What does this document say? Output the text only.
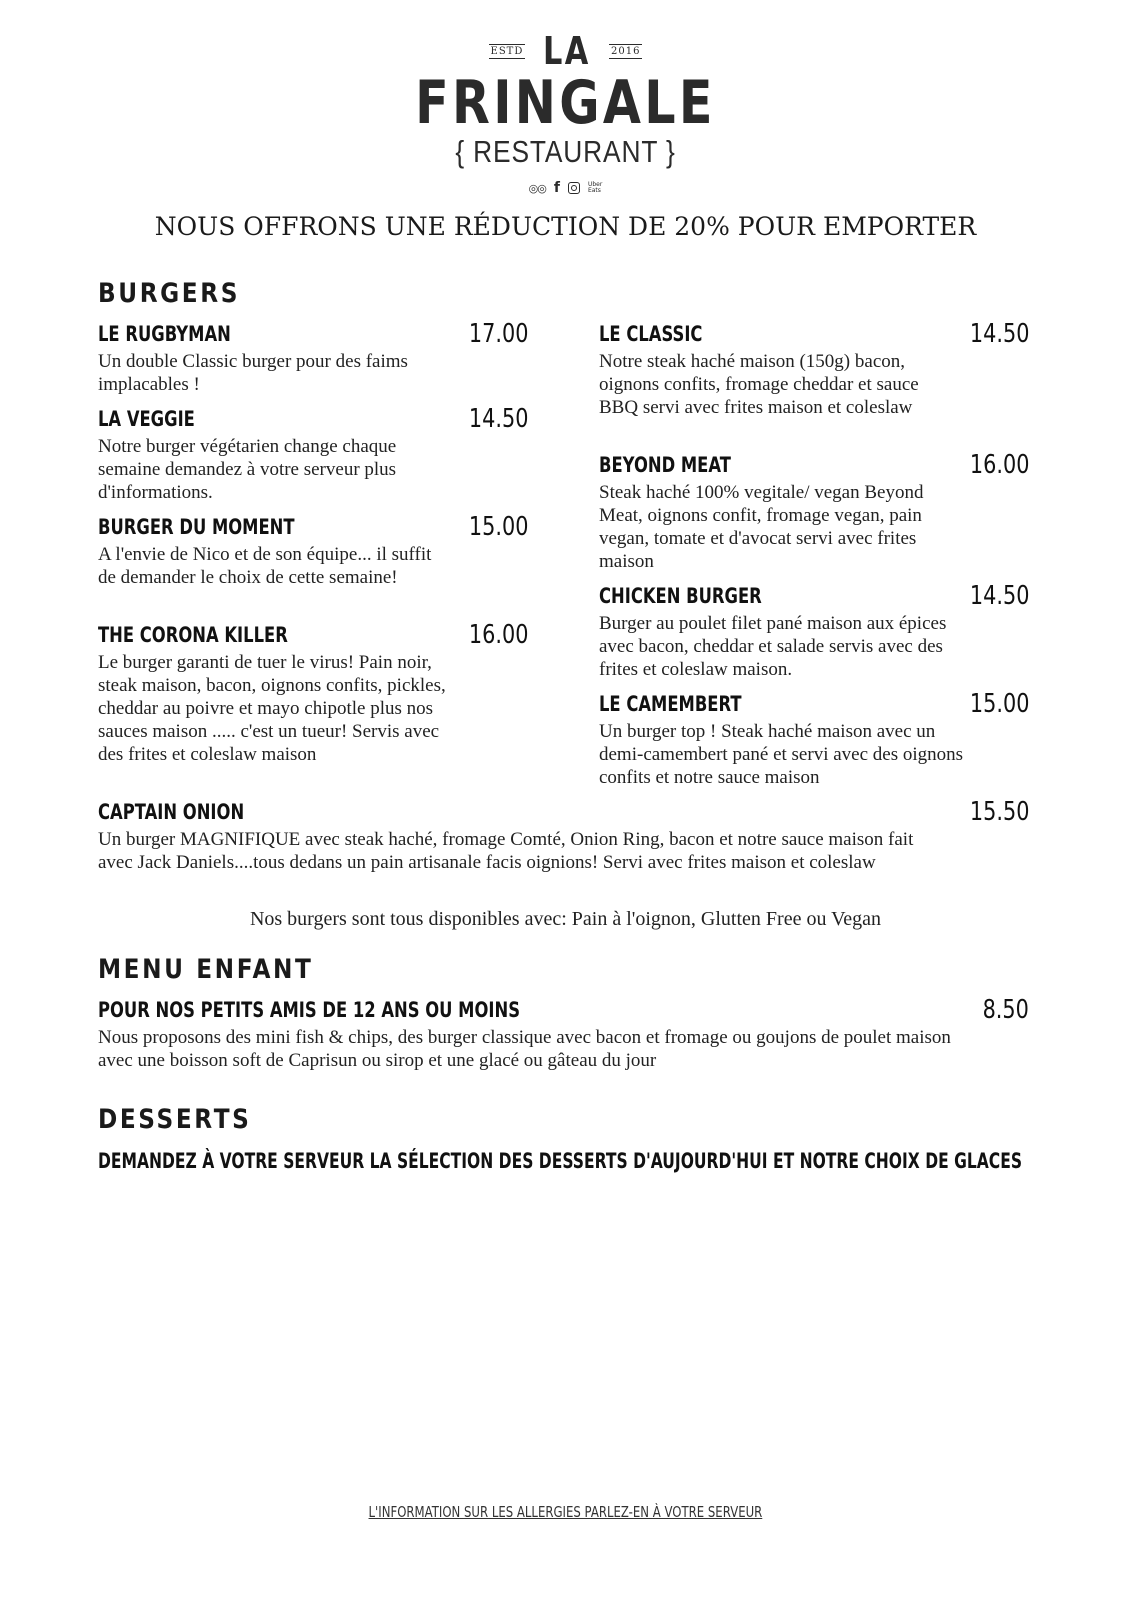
ESTD LA 2016
FRINGALE
{ RESTAURANT }
◎◎ f	Uber
Eats
NOUS OFFRONS UNE RÉDUCTION DE 20% POUR EMPORTER
BURGERS
LE RUGBYMAN	17.00
Un double Classic burger pour des faims implacables !
LA VEGGIE	14.50
Notre burger végétarien change chaque semaine demandez à votre serveur plus d'informations.
BURGER DU MOMENT	15.00
A l'envie de Nico et de son équipe... il suffit de demander le choix de cette semaine!
THE CORONA KILLER	16.00
Le burger garanti de tuer le virus! Pain noir, steak maison, bacon, oignons confits, pickles, cheddar au poivre et mayo chipotle plus nos sauces maison ..... c'est un tueur! Servis avec des frites et coleslaw maison
LE CLASSIC	14.50
Notre steak haché maison (150g) bacon, oignons confits, fromage cheddar et sauce BBQ servi avec frites maison et coleslaw
BEYOND MEAT	16.00
Steak haché 100% vegitale/ vegan Beyond Meat, oignons confit, fromage vegan, pain vegan, tomate et d'avocat servi avec frites maison
CHICKEN BURGER	14.50
Burger au poulet filet pané maison aux épices avec bacon, cheddar et salade servis avec des frites et coleslaw maison.
LE CAMEMBERT	15.00
Un burger top ! Steak haché maison avec un demi-camembert pané et servi avec des oignons confits et notre sauce maison
CAPTAIN ONION	15.50
Un burger MAGNIFIQUE avec steak haché, fromage Comté, Onion Ring, bacon et notre sauce maison fait avec Jack Daniels....tous dedans un pain artisanale facis oignions! Servi avec frites maison et coleslaw
Nos burgers sont tous disponibles avec: Pain à l'oignon, Glutten Free ou Vegan
MENU ENFANT
POUR NOS PETITS AMIS DE 12 ANS OU MOINS	8.50
Nous proposons des mini fish & chips, des burger classique avec bacon et fromage ou goujons de poulet maison avec une boisson soft de Caprisun ou sirop et une glacé ou gâteau du jour
DESSERTS
DEMANDEZ À VOTRE SERVEUR LA SÉLECTION DES DESSERTS D'AUJOURD'HUI ET NOTRE CHOIX DE GLACES
L'INFORMATION SUR LES ALLERGIES PARLEZ-EN À VOTRE SERVEUR
